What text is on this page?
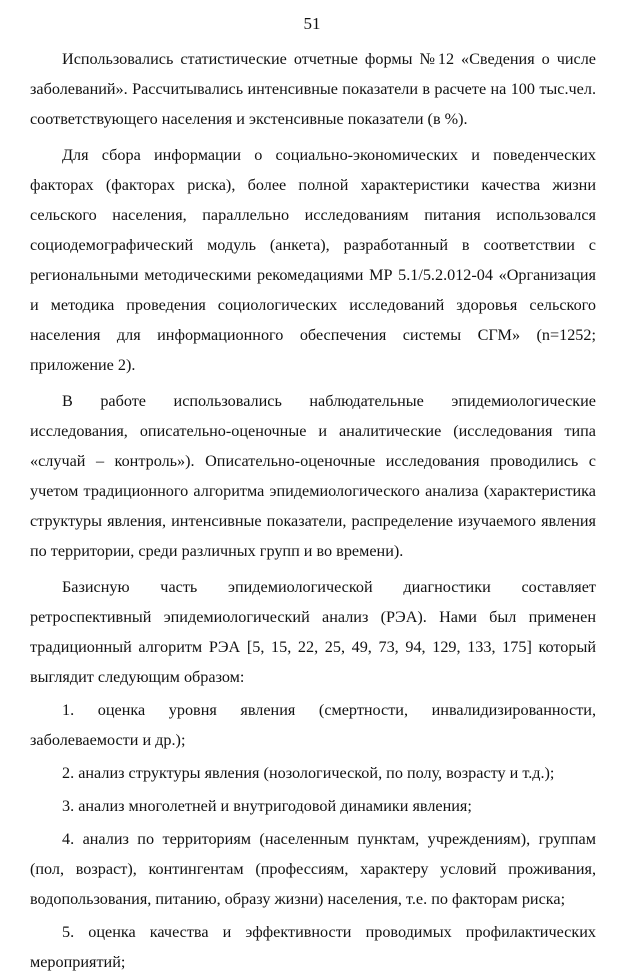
51

Использовались статистические отчетные формы №12 «Сведения о числе заболеваний». Рассчитывались интенсивные показатели в расчете на 100 тыс.чел. соответствующего населения и экстенсивные показатели (в %).

Для сбора информации о социально-экономических и поведенческих факторах (факторах риска), более полной характеристики качества жизни сельского населения, параллельно исследованиям питания использовался социодемографический модуль (анкета), разработанный в соответствии с региональными методическими рекомедациями МР 5.1/5.2.012-04 «Организация и методика проведения социологических исследований здоровья сельского населения для информационного обеспечения системы СГМ» (n=1252; приложение 2).

В работе использовались наблюдательные эпидемиологические исследования, описательно-оценочные и аналитические (исследования типа «случай – контроль»). Описательно-оценочные исследования проводились с учетом традиционного алгоритма эпидемиологического анализа (характеристика структуры явления, интенсивные показатели, распределение изучаемого явления по территории, среди различных групп и во времени).

Базисную часть эпидемиологической диагностики составляет ретроспективный эпидемиологический анализ (РЭА). Нами был применен традиционный алгоритм РЭА [5, 15, 22, 25, 49, 73, 94, 129, 133, 175] который выглядит следующим образом:

1. оценка уровня явления (смертности, инвалидизированности, заболеваемости и др.);

2. анализ структуры явления (нозологической, по полу, возрасту и т.д.);

3. анализ многолетней и внутригодовой динамики явления;

4. анализ по территориям (населенным пунктам, учреждениям), группам (пол, возраст), контингентам (профессиям, характеру условий проживания, водопользования, питанию, образу жизни) населения, т.е. по факторам риска;

5. оценка качества и эффективности проводимых профилактических мероприятий;
